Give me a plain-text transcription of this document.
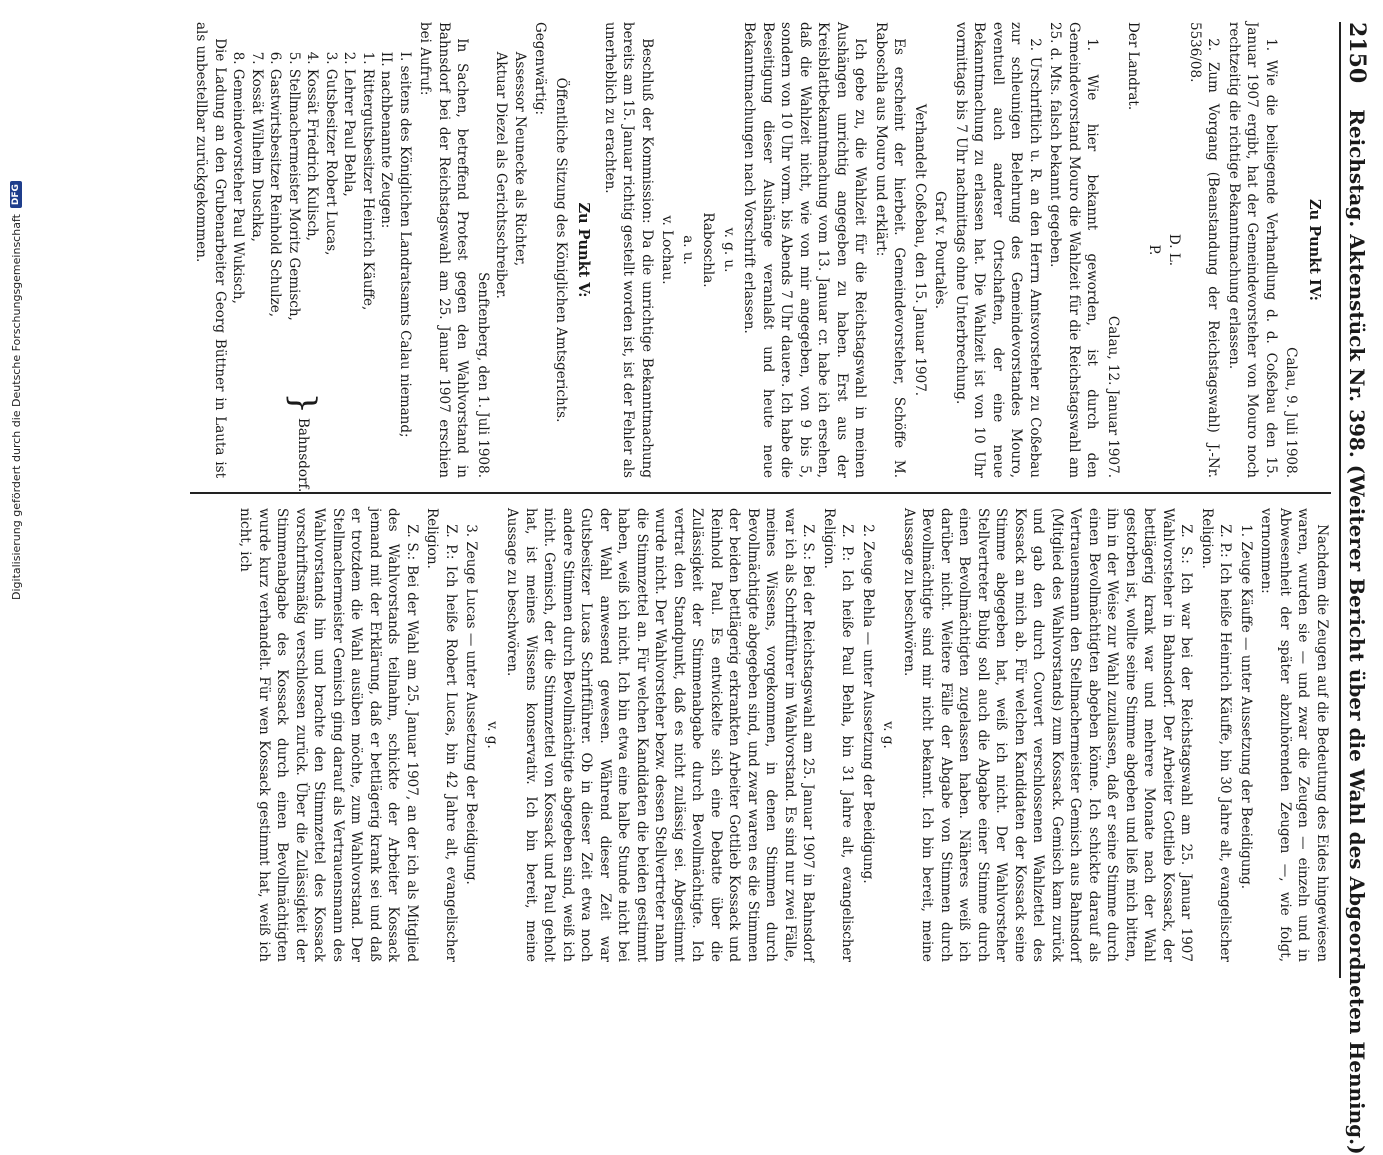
2150
Reichstag. Aktenstück Nr. 398. (Weiterer Bericht über die Wahl des Abgeordneten Henning.)
Zu Punkt IV:

Calau, 9. Juli 1908.

1. Wie die beiliegende Verhandlung d. d. Coßebau den 15. Januar 1907 ergibt, hat der Gemeindevorsteher von Mouro noch rechtzeitig die richtige Bekanntmachung erlassen.

2. Zum Vorgang (Beanstandung der Reichstagswahl) J.-Nr. 5536/08.

D. L.

P.

Der Landrat.

Calau, 12. Januar 1907.

1. Wie hier bekannt geworden, ist durch den Gemeindevorstand Mouro die Wahlzeit für die Reichstagswahl am 25. d. Mts. falsch bekannt gegeben.

2. Urschriftlich u. R. an den Herrn Amtsvorsteher zu Coßebau zur schleunigen Belehrung des Gemeindevorstandes Mouro, eventuell auch anderer Ortschaften, der eine neue Bekanntmachung zu erlassen hat. Die Wahlzeit ist von 10 Uhr vormittags bis 7 Uhr nachmittags ohne Unterbrechung.

Graf v. Pourtalès.

Verhandelt Coßebau, den 15. Januar 1907.

Es erscheint der hierbeit. Gemeindevorsteher, Schöffe M. Raboschla aus Mouro und erklärt:

Ich gebe zu, die Wahlzeit für die Reichstagswahl in meinen Aushängen unrichtig angegeben zu haben. Erst aus der Kreisblattbekanntmachung vom 13. Januar cr. habe ich ersehen, daß die Wahlzeit nicht, wie von mir angegeben, von 9 bis 5, sondern von 10 Uhr vorm. bis Abends 7 Uhr dauere. Ich habe die Beseitigung dieser Aushänge veranlaßt und heute neue Bekanntmachungen nach Vorschrift erlassen.

v. g. u.

Raboschla.

a. u.

v. Lochau.

Beschluß der Kommission: Da die unrichtige Bekanntmachung bereits am 15. Januar richtig gestellt worden ist, ist der Fehler als unerheblich zu erachten.

Zu Punkt V:

Öffentliche Sitzung des Königlichen Amtsgerichts.

Gegenwärtig:

Assessor Neunecke als Richter,

Aktuar Diezel als Gerichtsschreiber.

Senftenberg, den 1. Juli 1908.

In Sachen, betreffend Protest gegen den Wahlvorstand in Bahnsdorf bei der Reichstagswahl am 25. Januar 1907 erschien bei Aufruf:

I. seitens des Königlichen Landratsamts Calau niemand;

II. nachbenannte Zeugen:

1. Rittergutsbesitzer Heinrich Käuffe,

2. Lehrer Paul Behla,

3. Gutsbesitzer Robert Lucas,

4. Kossät Friedrich Kulisch,

5. Stellmachermeister Moritz Gemisch,

6. Gastwirtsbesitzer Reinhold Schulze,

7. Kossät Wilhelm Duschka,

8. Gemeindevorsteher Paul Wukisch,

}
Bahnsdorf.

Die Ladung an den Grubenarbeiter Georg Büttner in Lauta ist als unbestellbar zurückgekommen.

Nachdem die Zeugen auf die Bedeutung des Eides hingewiesen waren, wurden sie — und zwar die Zeugen — einzeln und in Abwesenheit der später abzuhörenden Zeugen —, wie folgt, vernommen:

1. Zeuge Käuffe — unter Aussetzung der Beeidigung.

Z. P.: Ich heiße Heinrich Käuffe, bin 30 Jahre alt, evangelischer Religion.

Z. S.: Ich war bei der Reichstagswahl am 25. Januar 1907 Wahlvorsteher in Bahnsdorf. Der Arbeiter Gottlieb Kossack, der bettlägerig krank war und mehrere Monate nach der Wahl gestorben ist, wollte seine Stimme abgeben und ließ mich bitten, ihn in der Weise zur Wahl zuzulassen, daß er seine Stimme durch einen Bevollmächtigten abgeben könne. Ich schickte darauf als Vertrauensmann den Stellmachermeister Gemisch aus Bahnsdorf (Mitglied des Wahlvorstands) zum Kossack. Gemisch kam zurück und gab den durch Couvert verschlossenen Wahlzettel des Kossack an mich ab. Für welchen Kandidaten der Kossack seine Stimme abgegeben hat, weiß ich nicht. Der Wahlvorsteher Stellvertreter Bubig soll auch die Abgabe einer Stimme durch einen Bevollmächtigten zugelassen haben. Näheres weiß ich darüber nicht. Weitere Fälle der Abgabe von Stimmen durch Bevollmächtigte sind mir nicht bekannt. Ich bin bereit, meine Aussage zu beschwören.

v. g.

2. Zeuge Behla — unter Aussetzung der Beeidigung.

Z. P.: Ich heiße Paul Behla, bin 31 Jahre alt, evangelischer Religion.

Z. S.: Bei der Reichstagswahl am 25. Januar 1907 in Bahnsdorf war ich als Schriftführer im Wahlvorstand. Es sind nur zwei Fälle, meines Wissens, vorgekommen, in denen Stimmen durch Bevollmächtigte abgegeben sind, und zwar waren es die Stimmen der beiden bettlägerig erkrankten Arbeiter Gottlieb Kossack und Reinhold Paul. Es entwickelte sich eine Debatte über die Zulässigkeit der Stimmenabgabe durch Bevollmächtigte. Ich vertrat den Standpunkt, daß es nicht zulässig sei. Abgestimmt wurde nicht. Der Wahlvorsteher bezw. dessen Stellvertreter nahm die Stimmzettel an. Für welchen Kandidaten die beiden gestimmt haben, weiß ich nicht. Ich bin etwa eine halbe Stunde nicht bei der Wahl anwesend gewesen. Während dieser Zeit war Gutsbesitzer Lucas Schriftführer. Ob in dieser Zeit etwa noch andere Stimmen durch Bevollmächtigte abgegeben sind, weiß ich nicht. Gemisch, der die Stimmzettel von Kossack und Paul geholt hat, ist meines Wissens konservativ. Ich bin bereit, meine Aussage zu beschwören.

v. g.

3. Zeuge Lucas — unter Aussetzung der Beeidigung.

Z. P.: Ich heiße Robert Lucas, bin 42 Jahre alt, evangelischer Religion.

Z. S.: Bei der Wahl am 25. Januar 1907, an der ich als Mitglied des Wahlvorstands teilnahm, schickte der Arbeiter Kossack jemand mit der Erklärung, daß er bettlägerig krank sei und daß er trotzdem die Wahl ausüben möchte, zum Wahlvorstand. Der Stellmachermeister Gemisch ging darauf als Vertrauensmann des Wahlvorstands hin und brachte den Stimmzettel des Kossack vorschriftsmäßig verschlossen zurück. Über die Zulässigkeit der Stimmenabgabe des Kossack durch einen Bevollmächtigten wurde kurz verhandelt. Für wen Kossack gestimmt hat, weiß ich nicht, ich

Digitalisierung gefördert durch die Deutsche Forschungsgemeinschaft
DFG
